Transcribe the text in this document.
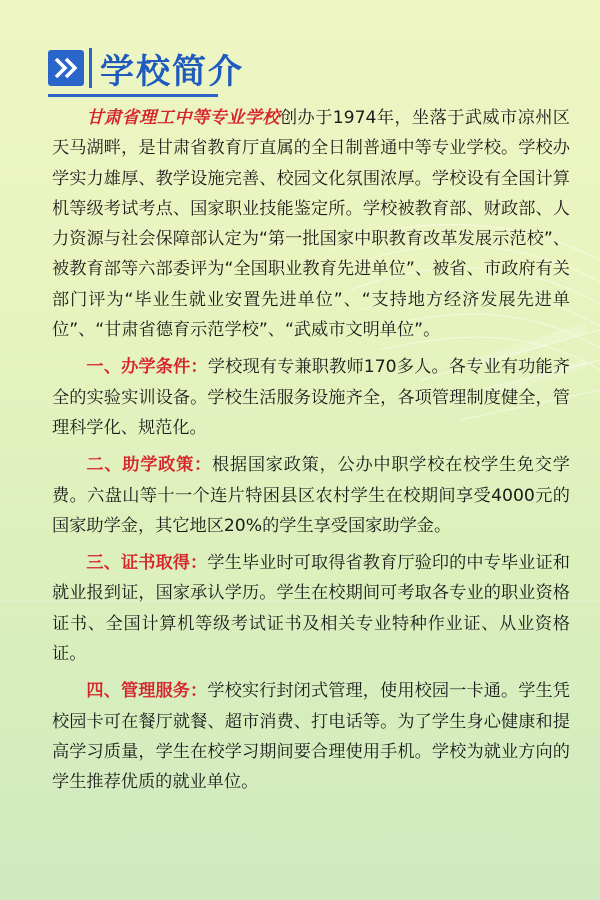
学校简介

甘肃省理工中等专业学校创办于1974年，坐落于武威市凉州区天马湖畔，是甘肃省教育厅直属的全日制普通中等专业学校。学校办学实力雄厚、教学设施完善、校园文化氛围浓厚。学校设有全国计算机等级考试考点、国家职业技能鉴定所。学校被教育部、财政部、人力资源与社会保障部认定为“第一批国家中职教育改革发展示范校”、 被教育部等六部委评为“全国职业教育先进单位”、被省、市政府有关部门评为“毕业生就业安置先进单位”、“支持地方经济发展先进单位”、“甘肃省德育示范学校”、“武威市文明单位”。

一、办学条件：学校现有专兼职教师170多人。各专业有功能齐全的实验实训设备。学校生活服务设施齐全，各项管理制度健全，管理科学化、规范化。

二、助学政策：根据国家政策，公办中职学校在校学生免交学费。六盘山等十一个连片特困县区农村学生在校期间享受4000元的国家助学金，其它地区20%的学生享受国家助学金。

三、证书取得：学生毕业时可取得省教育厅验印的中专毕业证和就业报到证，国家承认学历。学生在校期间可考取各专业的职业资格证书、全国计算机等级考试证书及相关专业特种作业证、从业资格证。

四、管理服务：学校实行封闭式管理，使用校园一卡通。学生凭校园卡可在餐厅就餐、超市消费、打电话等。为了学生身心健康和提高学习质量，学生在校学习期间要合理使用手机。学校为就业方向的学生推荐优质的就业单位。
